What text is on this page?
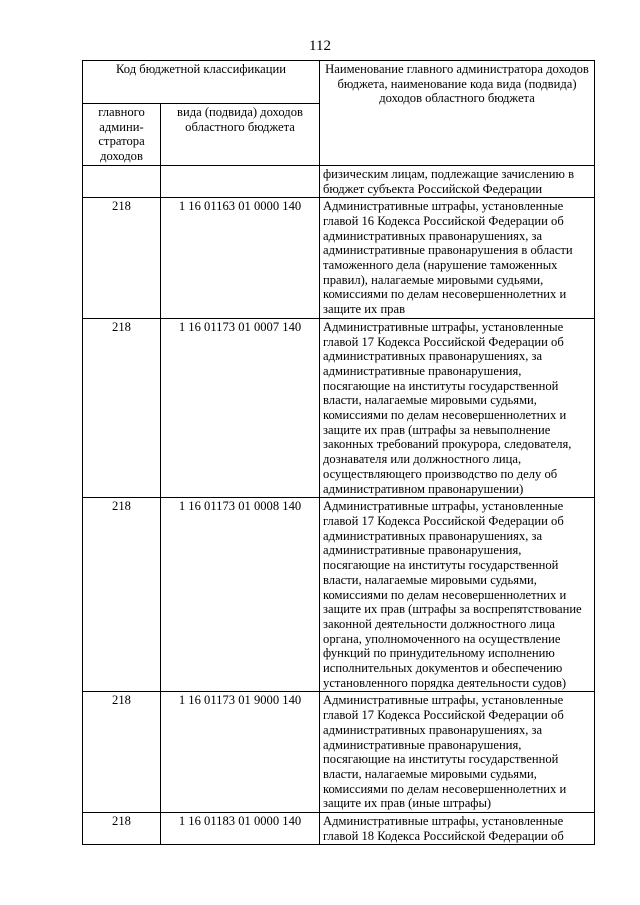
112
Код бюджетной классификации		Наименование главного администратора доходов бюджета, наименование кода вида (подвида) доходов областного бюджета
главного админи-стратора доходов	вида (подвида) доходов областного бюджета	
		физическим лицам, подлежащие зачислению в бюджет субъекта Российской Федерации
218	1 16 01163 01 0000 140	Административные штрафы, установленные главой 16 Кодекса Российской Федерации об административных правонарушениях, за административные правонарушения в области таможенного дела (нарушение таможенных правил), налагаемые мировыми судьями, комиссиями по делам несовершеннолетних и защите их прав
218	1 16 01173 01 0007 140	Административные штрафы, установленные главой 17 Кодекса Российской Федерации об административных правонарушениях, за административные правонарушения, посягающие на институты государственной власти, налагаемые мировыми судьями, комиссиями по делам несовершеннолетних и защите их прав (штрафы за невыполнение законных требований прокурора, следователя, дознавателя или должностного лица, осуществляющего производство по делу об административном правонарушении)
218	1 16 01173 01 0008 140	Административные штрафы, установленные главой 17 Кодекса Российской Федерации об административных правонарушениях, за административные правонарушения, посягающие на институты государственной власти, налагаемые мировыми судьями, комиссиями по делам несовершеннолетних и защите их прав (штрафы за воспрепятствование законной деятельности должностного лица органа, уполномоченного на осуществление функций по принудительному исполнению исполнительных документов и обеспечению установленного порядка деятельности судов)
218	1 16 01173 01 9000 140	Административные штрафы, установленные главой 17 Кодекса Российской Федерации об административных правонарушениях, за административные правонарушения, посягающие на институты государственной власти, налагаемые мировыми судьями, комиссиями по делам несовершеннолетних и защите их прав (иные штрафы)
218	1 16 01183 01 0000 140	Административные штрафы, установленные главой 18 Кодекса Российской Федерации об
